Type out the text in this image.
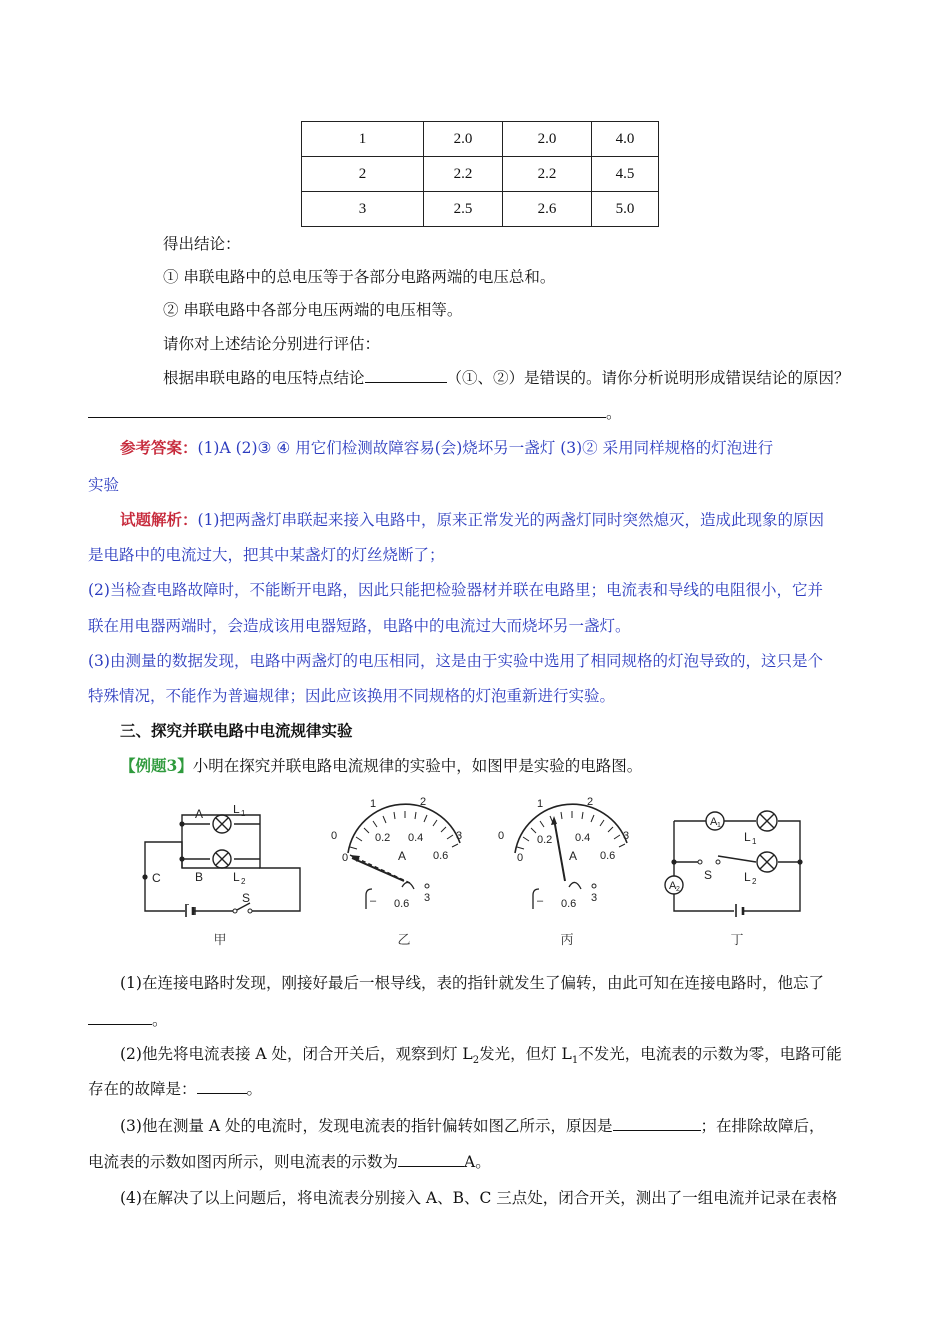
1	2.0	2.0	4.0
2	2.2	2.2	4.5
3	2.5	2.6	5.0
得出结论：
① 串联电路中的总电压等于各部分电路两端的电压总和。
② 串联电路中各部分电压两端的电压相等。
请你对上述结论分别进行评估：
根据串联电路的电压特点结论	（①、②）是错误的。请你分析说明形成错误结论的原因？
。
参考答案：(1)A (2)③ ④ 用它们检测故障容易(会)烧坏另一盏灯 (3)② 采用同样规格的灯泡进行
实验
试题解析：(1)把两盏灯串联起来接入电路中，原来正常发光的两盏灯同时突然熄灭，造成此现象的原因
是电路中的电流过大，把其中某盏灯的灯丝烧断了；
(2)当检查电路故障时，不能断开电路，因此只能把检验器材并联在电路里；电流表和导线的电阻很小，它并
联在用电器两端时，会造成该用电器短路，电路中的电流过大而烧坏另一盏灯。
(3)由测量的数据发现，电路中两盏灯的电压相同，这是由于实验中选用了相同规格的灯泡导致的，这只是个
特殊情况，不能作为普遍规律；因此应该换用不同规格的灯泡重新进行实验。
三、探究并联电路中电流规律实验
【例题3】小明在探究并联电路电流规律的实验中，如图甲是实验的电路图。
A
B
C
L 1
L 2
S
1	2
0
0
0.2 0.4
0.6
3
A
– 0.6 3
1	2
0
0
0.2 0.4
0.6
3
A
– 0.6 3
A 1
A 2
L 1
L 2
S
甲	乙	丙	丁
(1)在连接电路时发现，刚接好最后一根导线，表的指针就发生了偏转，由此可知在连接电路时，他忘了
。
(2)他先将电流表接 A 处，闭合开关后，观察到灯 $L_2$发光，但灯 $L_1$不发光，电流表的示数为零，电路可能
存在的故障是：	。
(3)他在测量 A 处的电流时，发现电流表的指针偏转如图乙所示，原因是	；在排除故障后，
电流表的示数如图丙所示，则电流表的示数为	A。
(4)在解决了以上问题后，将电流表分别接入 A、B、C 三点处，闭合开关，测出了一组电流并记录在表格
